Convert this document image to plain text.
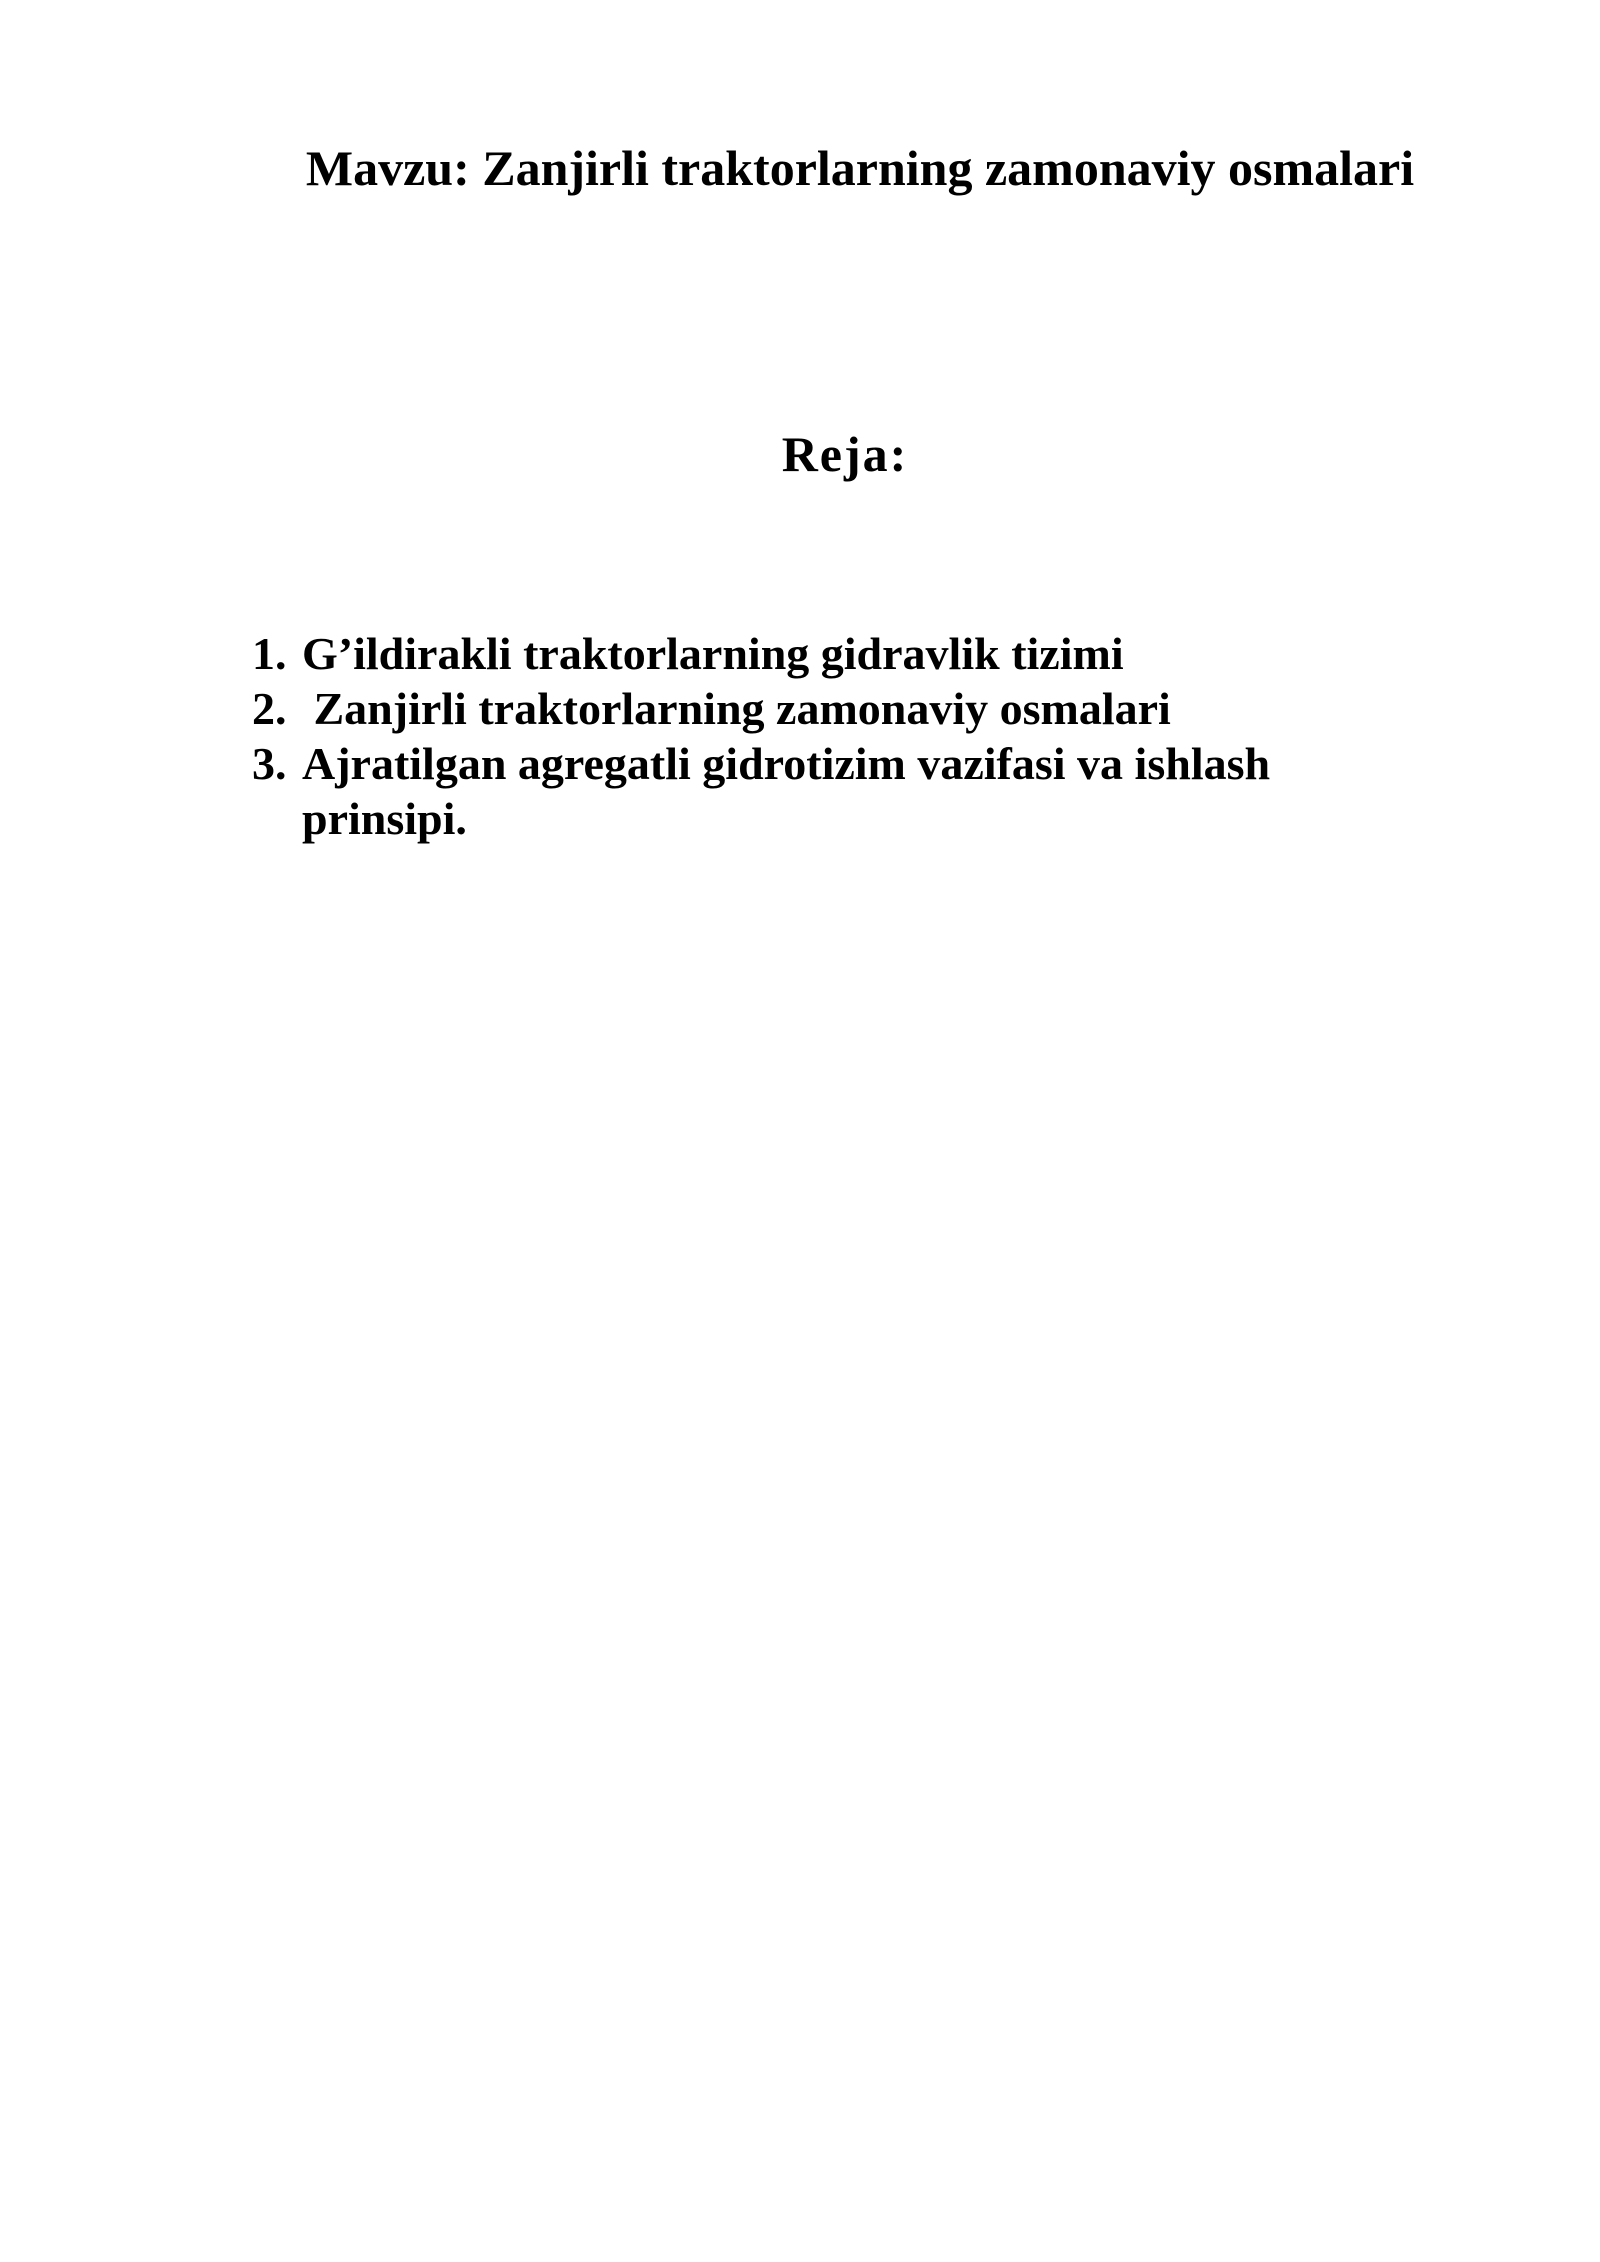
Mavzu: Zanjirli traktorlarning zamonaviy osmalari
Reja:
1. G’ildirakli traktorlarning gidravlik tizimi
2. Zanjirli traktorlarning zamonaviy osmalari
3. Ajratilgan agregatli gidrotizim vazifasi va ishlash prinsipi.
